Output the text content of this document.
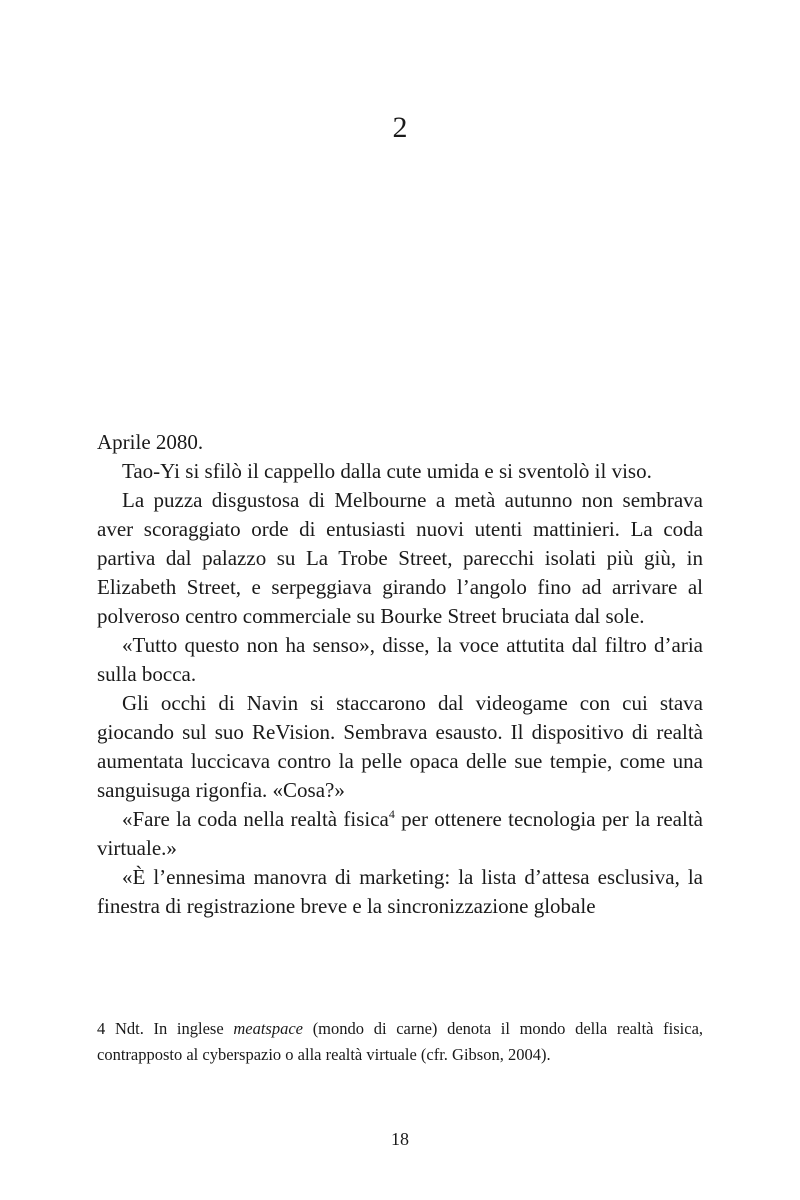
2

Aprile 2080.

Tao-Yi si sfilò il cappello dalla cute umida e si sventolò il viso.

La puzza disgustosa di Melbourne a metà autunno non sembrava aver scoraggiato orde di entusiasti nuovi utenti mattinieri. La coda partiva dal palazzo su La Trobe Street, parecchi isolati più giù, in Elizabeth Street, e serpeggiava girando l’angolo fino ad arrivare al polveroso centro commerciale su Bourke Street bruciata dal sole.

«Tutto questo non ha senso», disse, la voce attutita dal filtro d’aria sulla bocca.

Gli occhi di Navin si staccarono dal videogame con cui stava giocando sul suo ReVision. Sembrava esausto. Il dispositivo di realtà aumentata luccicava contro la pelle opaca delle sue tempie, come una sanguisuga rigonfia. «Cosa?»

«Fare la coda nella realtà fisica$^4$ per ottenere tecnologia per la realtà virtuale.»

«È l’ennesima manovra di marketing: la lista d’attesa esclusiva, la finestra di registrazione breve e la sincronizzazione globale

4 Ndt. In inglese meatspace (mondo di carne) denota il mondo della realtà fisica, contrapposto al cyberspazio o alla realtà virtuale (cfr. Gibson, 2004).

18
